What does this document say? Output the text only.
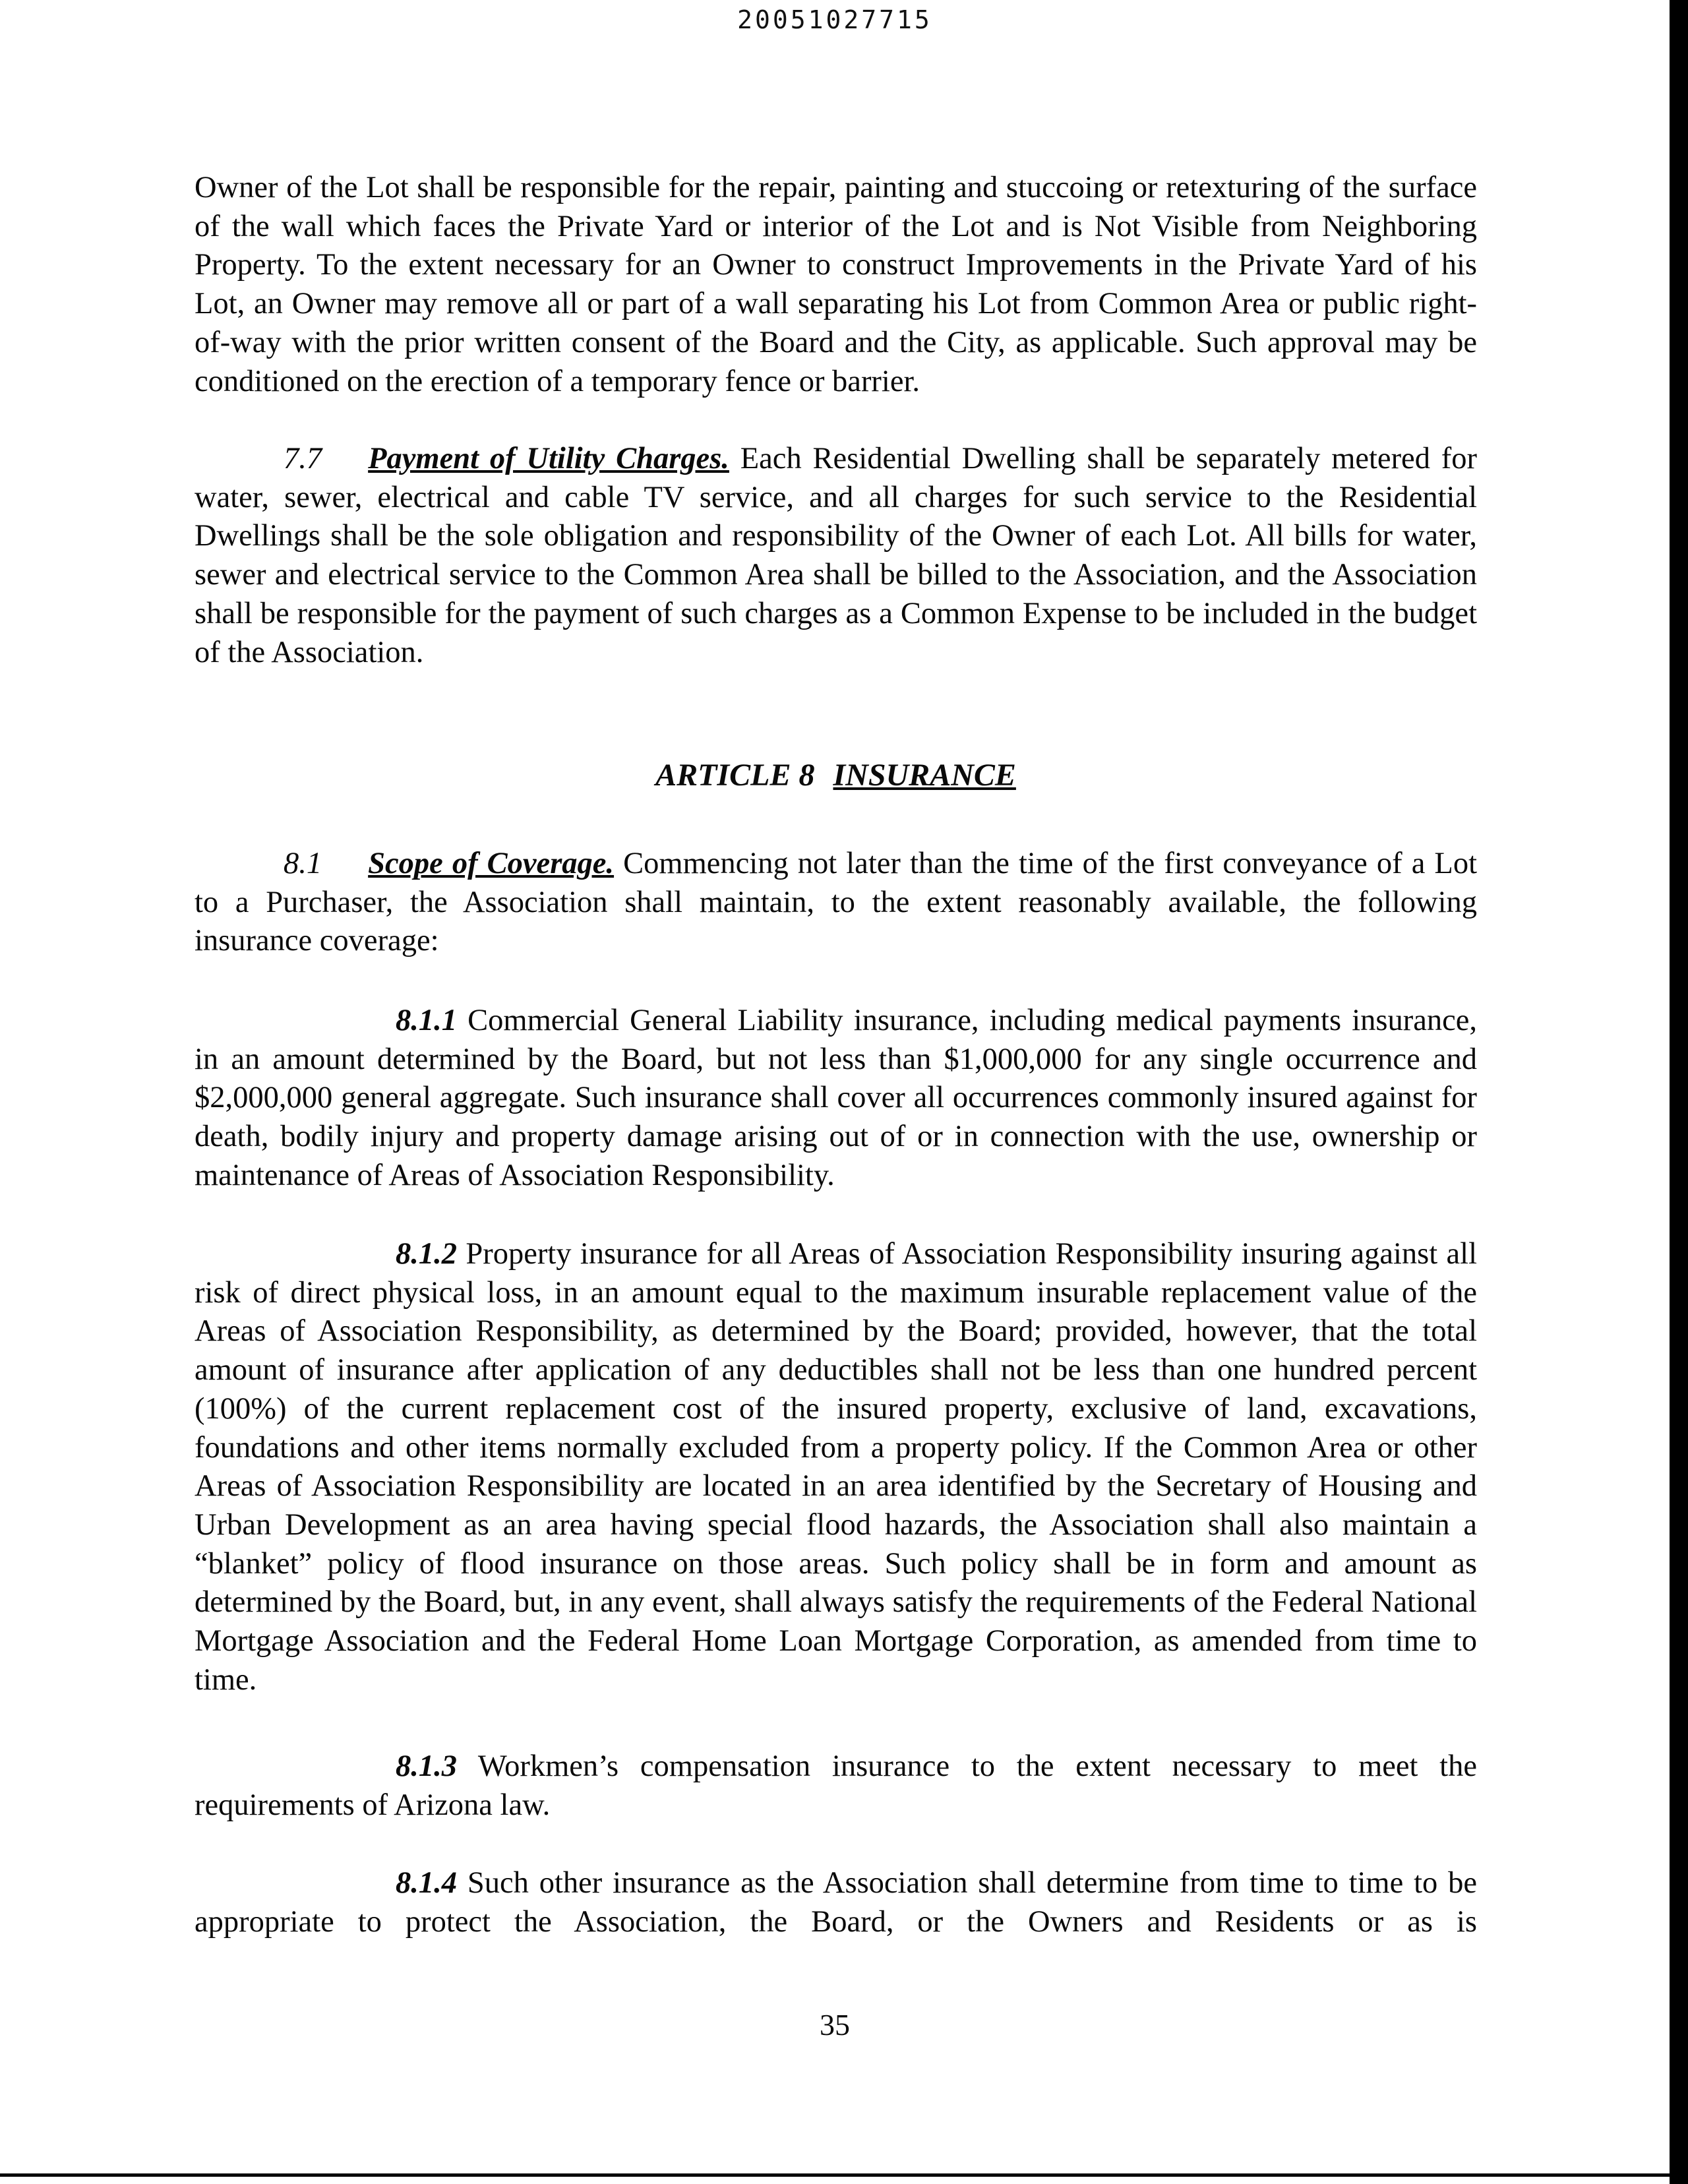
20051027715

Owner of the Lot shall be responsible for the repair, painting and stuccoing or retexturing of the surface of the wall which faces the Private Yard or interior of the Lot and is Not Visible from Neighboring Property. To the extent necessary for an Owner to construct Improvements in the Private Yard of his Lot, an Owner may remove all or part of a wall separating his Lot from Common Area or public right-of-way with the prior written consent of the Board and the City, as applicable. Such approval may be conditioned on the erection of a temporary fence or barrier.

7.7 Payment of Utility Charges. Each Residential Dwelling shall be separately metered for water, sewer, electrical and cable TV service, and all charges for such service to the Residential Dwellings shall be the sole obligation and responsibility of the Owner of each Lot. All bills for water, sewer and electrical service to the Common Area shall be billed to the Association, and the Association shall be responsible for the payment of such charges as a Common Expense to be included in the budget of the Association.

ARTICLE 8 INSURANCE

8.1 Scope of Coverage. Commencing not later than the time of the first conveyance of a Lot to a Purchaser, the Association shall maintain, to the extent reasonably available, the following insurance coverage:

8.1.1 Commercial General Liability insurance, including medical payments insurance, in an amount determined by the Board, but not less than $1,000,000 for any single occurrence and $2,000,000 general aggregate. Such insurance shall cover all occurrences commonly insured against for death, bodily injury and property damage arising out of or in connection with the use, ownership or maintenance of Areas of Association Responsibility.

8.1.2 Property insurance for all Areas of Association Responsibility insuring against all risk of direct physical loss, in an amount equal to the maximum insurable replacement value of the Areas of Association Responsibility, as determined by the Board; provided, however, that the total amount of insurance after application of any deductibles shall not be less than one hundred percent (100%) of the current replacement cost of the insured property, exclusive of land, excavations, foundations and other items normally excluded from a property policy. If the Common Area or other Areas of Association Responsibility are located in an area identified by the Secretary of Housing and Urban Development as an area having special flood hazards, the Association shall also maintain a “blanket” policy of flood insurance on those areas. Such policy shall be in form and amount as determined by the Board, but, in any event, shall always satisfy the requirements of the Federal National Mortgage Association and the Federal Home Loan Mortgage Corporation, as amended from time to time.

8.1.3 Workmen’s compensation insurance to the extent necessary to meet the requirements of Arizona law.

8.1.4 Such other insurance as the Association shall determine from time to time to be appropriate to protect the Association, the Board, or the Owners and Residents or as is

35
